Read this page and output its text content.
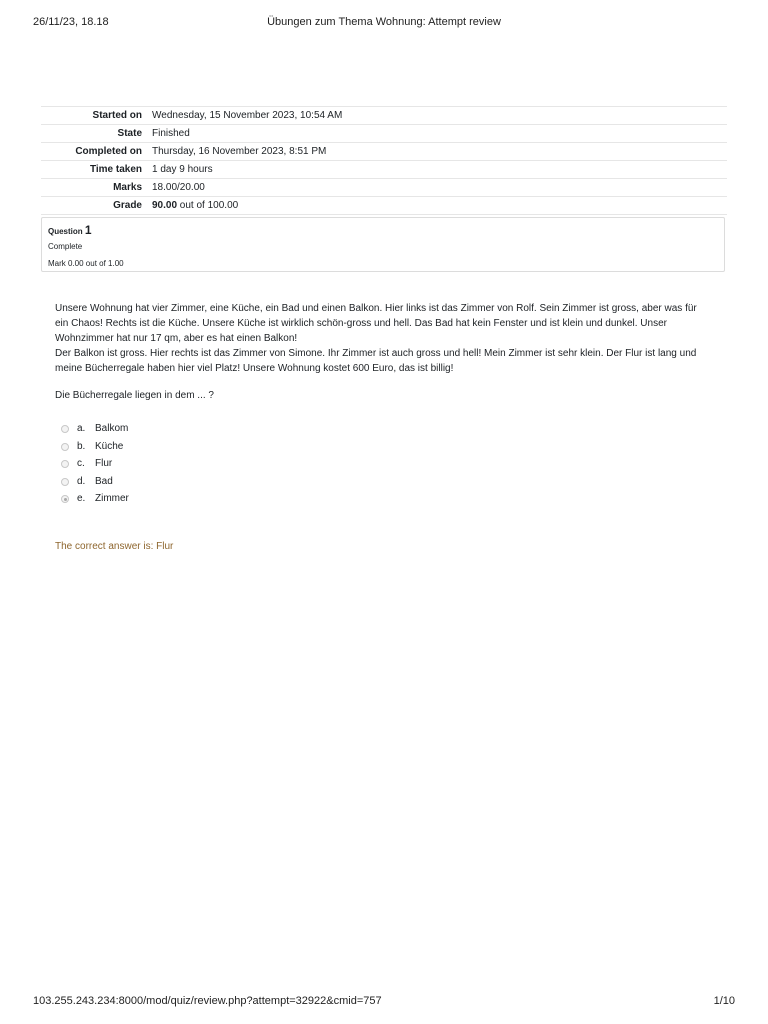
26/11/23, 18.18	Übungen zum Thema Wohnung: Attempt review
Started on	Wednesday, 15 November 2023, 10:54 AM
State	Finished
Completed on	Thursday, 16 November 2023, 8:51 PM
Time taken	1 day 9 hours
Marks	18.00/20.00
Grade	90.00 out of 100.00
Question 1
Complete
Mark 0.00 out of 1.00

Unsere Wohnung hat vier Zimmer, eine Küche, ein Bad und einen Balkon. Hier links ist das Zimmer von Rolf. Sein Zimmer ist gross, aber was für ein Chaos! Rechts ist die Küche. Unsere Küche ist wirklich schön-gross und hell. Das Bad hat kein Fenster und ist klein und dunkel. Unser Wohnzimmer hat nur 17 qm, aber es hat einen Balkon!

Der Balkon ist gross. Hier rechts ist das Zimmer von Simone. Ihr Zimmer ist auch gross und hell! Mein Zimmer ist sehr klein. Der Flur ist lang und meine Bücherregale haben hier viel Platz! Unsere Wohnung kostet 600 Euro, das ist billig!

Die Bücherregale liegen in dem ... ?
a. Balkom
b. Küche
c. Flur
d. Bad
e. Zimmer
The correct answer is: Flur
103.255.243.234:8000/mod/quiz/review.php?attempt=32922&cmid=757	1/10
